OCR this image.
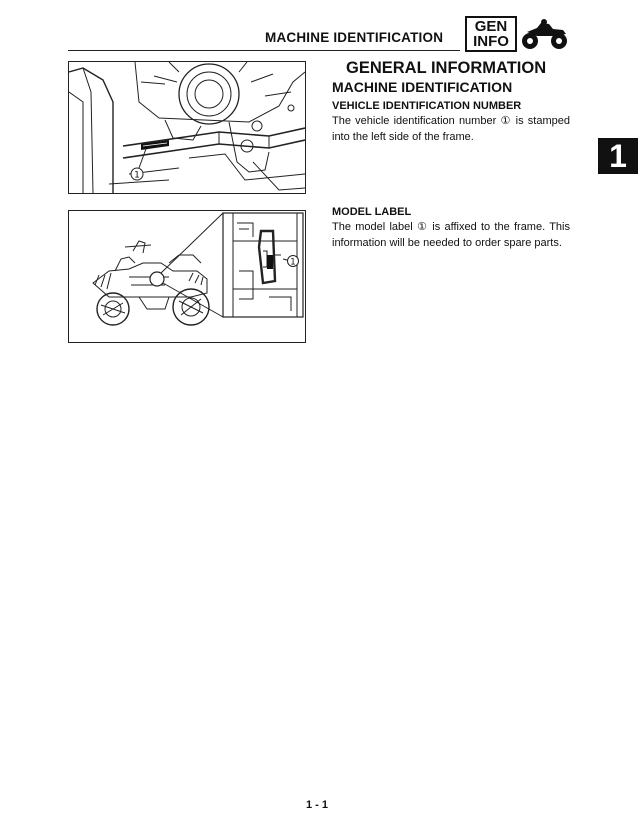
MACHINE IDENTIFICATION
GEN
INFO
1
GENERAL INFORMATION
MACHINE IDENTIFICATION
VEHICLE IDENTIFICATION NUMBER
The vehicle identification number ① is stamped into the left side of the frame.
MODEL LABEL
The model label ① is affixed to the frame. This information will be needed to order spare parts.
1
1
1 - 1
